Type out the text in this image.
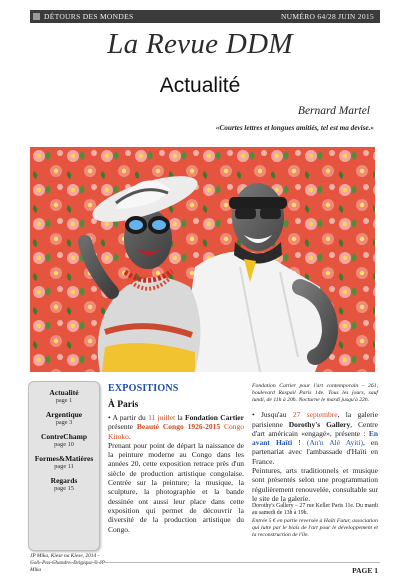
DÉTOURS DES MONDES	NUMÉRO 64/28 JUIN 2015
La Revue DDM
Actualité
Bernard Martel
«Courtes lettres et longues amitiés, tel est ma devise.»
Actualité
page 1
Argentique
page 3
ContreChamp
page 10
Formes&Matières
page 11
Regards
page 15
JP Mika, Kiese na Kiese, 2014 - Coll. Pas-Chandre. Belgique © JP Mika
EXPOSITIONS
À Paris

• A partir du 11 juillet la Fondation Cartier présente Beauté Congo 1926-2015 Congo Kitoko.

Prenant pour point de départ la naissance de la peinture moderne au Congo dans les années 20, cette exposition retrace près d'un siècle de production artistique congolaise. Centrée sur la peinture; la musique, la sculpture, la photographie et la bande dessinée ont aussi leur place dans cette exposition qui permet de découvrir la diversité de la production artistique du Congo.

Fondation Cartier pour l'art contemporain – 261, boulevard Raspail Paris 14e. Tous les jours, sauf lundi, de 11h à 20h. Nocturne le mardi jusqu'à 22h.

• Jusqu'au 27 septembre, la galerie parisienne Dorothy's Gallery, Centre d'art américain «engagé», présente : En avant Haïti ! (An'n Alé Ayiti), en partenariat avec l'ambassade d'Haïti en France.

Peintures, arts traditionnels et musique sont présentés selon une programmation régulièrement renouvelée, consultable sur le site de la galerie.

Dorothy's Gallery – 27 rue Keller Paris 11e. Du mardi au samedi de 13h à 19h.

Entrée 5 € en partie reversée à Haïti Futur, association qui lutte par le biais de l'art pour le développement et la reconstruction de l'île.

PAGE 1
